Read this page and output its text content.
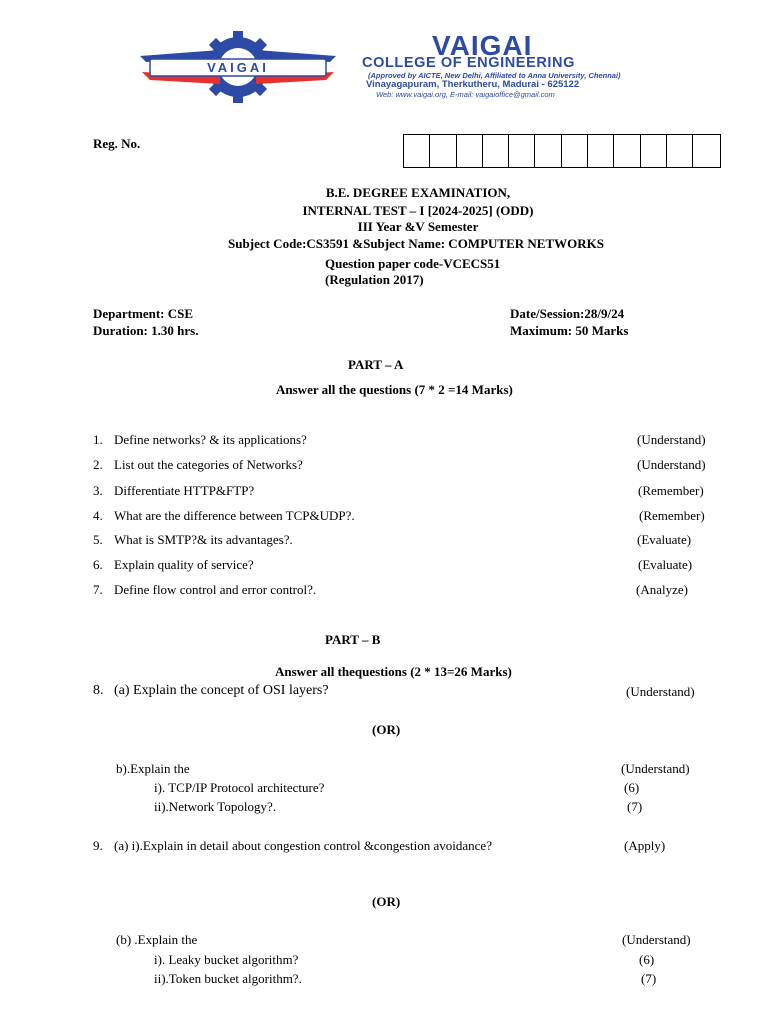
VAIGAI
VAIGAI
COLLEGE OF ENGINEERING
(Approved by AICTE, New Delhi, Affiliated to Anna University, Chennai)
Vinayagapuram, Therkutheru, Madurai - 625122
Web: www.vaigai.org, E-mail: vaigaioffice@gmail.com
Reg. No.
B.E. DEGREE EXAMINATION,
INTERNAL TEST – I [2024-2025] (ODD)
III Year &V Semester
Subject Code:CS3591 &Subject Name: COMPUTER NETWORKS
Question paper code-VCECS51
(Regulation 2017)
Department: CSE
Duration: 1.30 hrs.
Date/Session:28/9/24
Maximum: 50 Marks
PART – A
Answer all the questions (7 * 2 =14 Marks)
1. Define networks? & its applications?	(Understand)
2. List out the categories of Networks?	(Understand)
3. Differentiate HTTP&FTP?	(Remember)
4. What are the difference between TCP&UDP?.	(Remember)
5. What is SMTP?& its advantages?.	(Evaluate)
6. Explain quality of service?	(Evaluate)
7. Define flow control and error control?.	(Analyze)
PART – B
Answer all thequestions (2 * 13=26 Marks)
8. (a) Explain the concept of OSI layers?	(Understand)
(OR)
b).Explain the	(Understand)
i). TCP/IP Protocol architecture?	(6)
ii).Network Topology?.	(7)
9. (a) i).Explain in detail about congestion control &congestion avoidance?	(Apply)
(OR)
(b) .Explain the	(Understand)
i). Leaky bucket algorithm?	(6)
ii).Token bucket algorithm?.	(7)
